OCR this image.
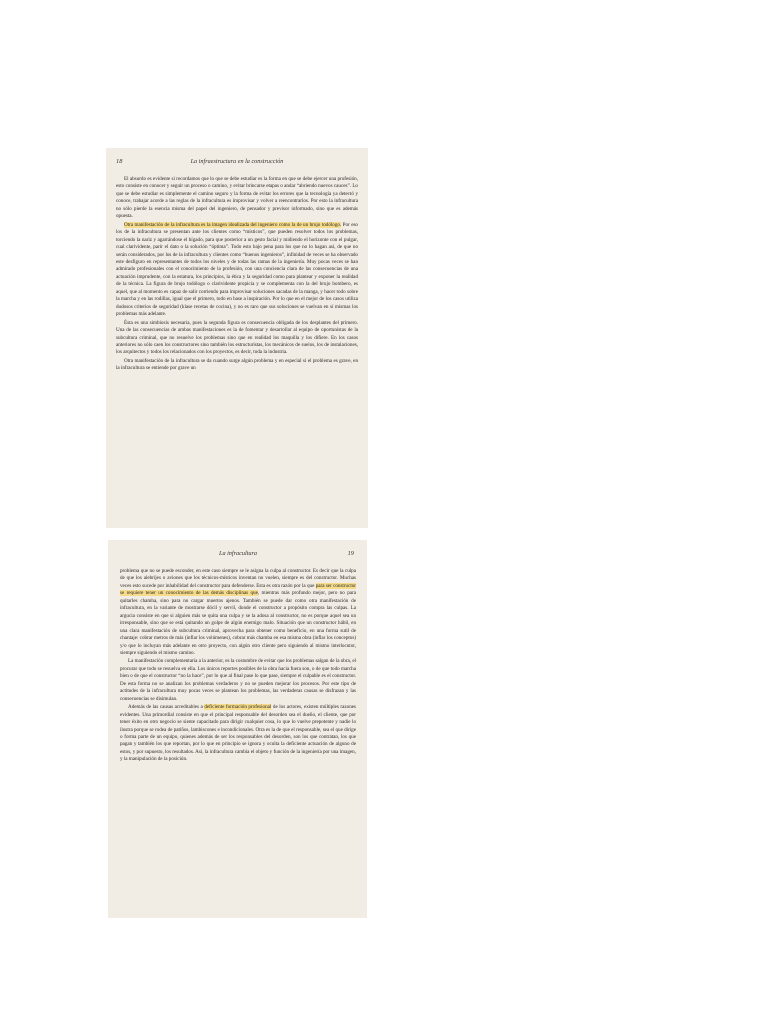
18	La infraestructura en la construcción

El absurdo es evidente si recordamos que lo que se debe estudiar es la forma en que se debe ejercer una profesión, esto consiste en conocer y seguir un proceso o camino, y evitar brincarse etapas o andar “abriendo nuevos cauces”. Lo que se debe estudiar es simplemente el camino seguro y la forma de evitar los errores que la tecnología ya detectó y conoce, trabajar acorde a las reglas de la infracultura es improvisar y volver a reencontrarlos. Por esto la infracultura no sólo pierde la esencia misma del papel del ingeniero, de pensador y previsor informado, sino que es además opuesta.

Otra manifestación de la infracultura es la imagen idealizada del ingeniero como la de un brujo todólogo. Por eso los de la infracultura se presentan ante los clientes como “místicos”, que pueden resolver todos los problemas, torciendo la nariz y agarrándose el hígado, para que posterior a un gesto facial y midiendo el horizonte con el pulgar, cual clarividente, parir el dato o la solución “óptima”. Todo esto bajo pena para los que no lo hagan así, de que no serán considerados, por los de la infracultura y clientes como “buenos ingenieros”, infinidad de veces se ha observado este desfiguro en representantes de todos los niveles y de todas las ramas de la ingeniería. Muy pocas veces se han admirado profesionales con el conocimiento de la profesión, con una conciencia clara de las consecuencias de una actuación imprudente, con la estatura, los principios, la ética y la seguridad como para plantear y exponer la realidad de la técnica. La figura de brujo todólogo o clarividente propicia y se complementa con la del brujo bombero, es aquel, que al momento es capaz de salir corriendo para improvisar soluciones sacadas de la manga, y hacer todo sobre la marcha y en las rodillas, igual que el primero, todo en base a inspiración. Por lo que en el mejor de los casos utiliza dudosos criterios de seguridad (klase recetas de cocina), y no es raro que sus soluciones se vuelvan en sí mismas los problemas más adelante.

Ésta es una simbiosis necesaria, pues la segunda figura es consecuencia obligada de los desplantes del primero. Una de las consecuencias de ambas manifestaciones es la de fomentar y desarrollar al equipo de oportunistas de la subcultura criminal, que no resuelve los problemas sino que en realidad los maquilla y los difiere. En los casos anteriores no sólo caen los constructores sino también los estructuristas, los mecánicos de suelos, los de instalaciones, los arquitectos y todos los relacionados con los proyectos, es decir, toda la industria.

Otra manifestación de la infracultura se da cuando surge algún problema y en especial si el problema es grave, en la infracultura se entiende por grave un

La infracultura	19

problema que no se puede esconder, en este caso siempre se le asigna la culpa al constructor. Es decir que la culpa de que los alebrijes o aviones que los técnicos-místicos inventan no vuelen, siempre es del constructor. Muchas veces esto sucede por inhabilidad del constructor para defenderse. Esta es otra razón por la que para ser constructor se requiere tener un conocimiento de las demás disciplinas que, mientras más profundo mejor, pero no para quitarles chamba, sino para no cargar muertos ajenos. También se puede dar como otra manifestación de infracultura, en la variante de mostrarse dócil y servil, donde el constructor a propósito compra las culpas. La argucia consiste en que si alguien más se quita una culpa y se la adosa al constructor, no es porque aquel sea un irresponsable, sino que se está quitando un golpe de algún enemigo malo. Situación que un constructor hábil, en una clara manifestación de subcultura criminal, aprovecha para obtener como beneficio, en una forma sutil de chantaje: cobrar metros de más (inflar los volúmenes), cobrar más chamba en esa misma obra (inflar los conceptos) y/o que lo incluyan más adelante en otro proyecto, con algún otro cliente pero siguiendo al mismo interlocutor, siempre siguiendo el mismo camino.

La manifestación complementaria a la anterior, es la costumbre de evitar que los problemas salgan de la obra, el procurar que todo se resuelva en ella. Los únicos reportes posibles de la obra hacia fuera son, o de que todo marcha bien o de que el constructor “no la hace”, por lo que al final pase lo que pase, siempre el culpable es el constructor. De esta forma no se analizan los problemas verdaderos y no se pueden mejorar los procesos. Por este tipo de actitudes de la infracultura muy pocas veces se plantean los problemas, las verdaderas causas se disfrazan y las consecuencias se disimulan.

Además de las causas acreditables a deficiente formación profesional de los actores, existen múltiples razones evidentes. Una primordial consiste en que el principal responsable del desorden sea el dueño, el cliente, que por tener éxito en otro negocio se siente capacitado para dirigir cualquier cosa, lo que lo vuelve prepotente y nadie lo ilustra porque se rodea de patiños, lambiscones e incondicionales. Otra es la de que el responsable, sea el que dirige o forma parte de un equipo, quienes además de ser los responsables del desorden, son los que contratan, los que pagan y también los que reportan, por lo que en principio se ignora y oculta la deficiente actuación de alguno de estos, y por supuesto, los resultados. Así, la infracultura cambia el objeto y función de la ingeniería por una imagen, y la manipulación de la posición.
